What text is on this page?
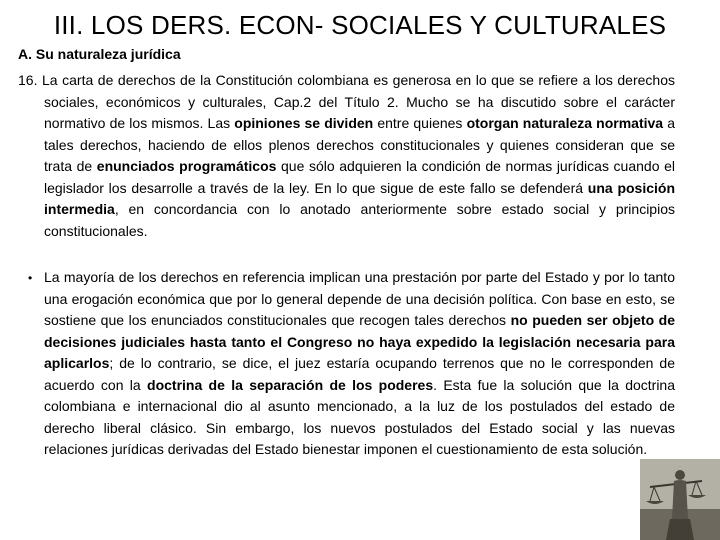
III. LOS DERS. ECON- SOCIALES Y CULTURALES
A. Su naturaleza jurídica
16. La carta de derechos de la Constitución colombiana es generosa en lo que se refiere a los derechos sociales, económicos y culturales, Cap.2 del Título 2. Mucho se ha discutido sobre el carácter normativo de los mismos. Las opiniones se dividen entre quienes otorgan naturaleza normativa a tales derechos, haciendo de ellos plenos derechos constitucionales y quienes consideran que se trata de enunciados programáticos que sólo adquieren la condición de normas jurídicas cuando el legislador los desarrolle a través de la ley. En lo que sigue de este fallo se defenderá una posición intermedia, en concordancia con lo anotado anteriormente sobre estado social y principios constitucionales.
• La mayoría de los derechos en referencia implican una prestación por parte del Estado y por lo tanto una erogación económica que por lo general depende de una decisión política. Con base en esto, se sostiene que los enunciados constitucionales que recogen tales derechos no pueden ser objeto de decisiones judiciales hasta tanto el Congreso no haya expedido la legislación necesaria para aplicarlos; de lo contrario, se dice, el juez estaría ocupando terrenos que no le corresponden de acuerdo con la doctrina de la separación de los poderes. Esta fue la solución que la doctrina colombiana e internacional dio al asunto mencionado, a la luz de los postulados del estado de derecho liberal clásico. Sin embargo, los nuevos postulados del Estado social y las nuevas relaciones jurídicas derivadas del Estado bienestar imponen el cuestionamiento de esta solución.
